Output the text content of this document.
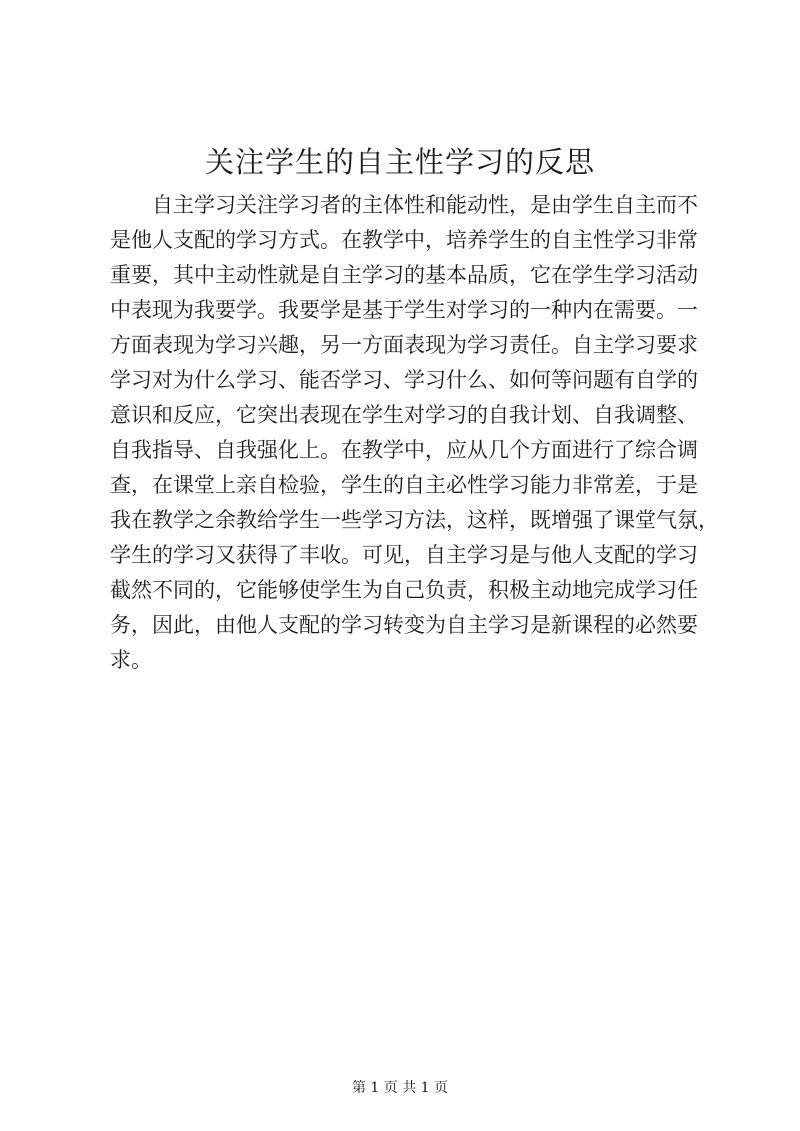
关注学生的自主性学习的反思
自主学习关注学习者的主体性和能动性，是由学生自主而不
是他人支配的学习方式。在教学中，培养学生的自主性学习非常
重要，其中主动性就是自主学习的基本品质，它在学生学习活动
中表现为我要学。我要学是基于学生对学习的一种内在需要。一
方面表现为学习兴趣，另一方面表现为学习责任。自主学习要求
学习对为什么学习、能否学习、学习什么、如何等问题有自学的
意识和反应，它突出表现在学生对学习的自我计划、自我调整、
自我指导、自我强化上。在教学中，应从几个方面进行了综合调
查，在课堂上亲自检验，学生的自主必性学习能力非常差，于是
我在教学之余教给学生一些学习方法，这样，既增强了课堂气氛，
学生的学习又获得了丰收。可见，自主学习是与他人支配的学习
截然不同的，它能够使学生为自己负责，积极主动地完成学习任
务，因此，由他人支配的学习转变为自主学习是新课程的必然要
求。
第 1 页 共 1 页
